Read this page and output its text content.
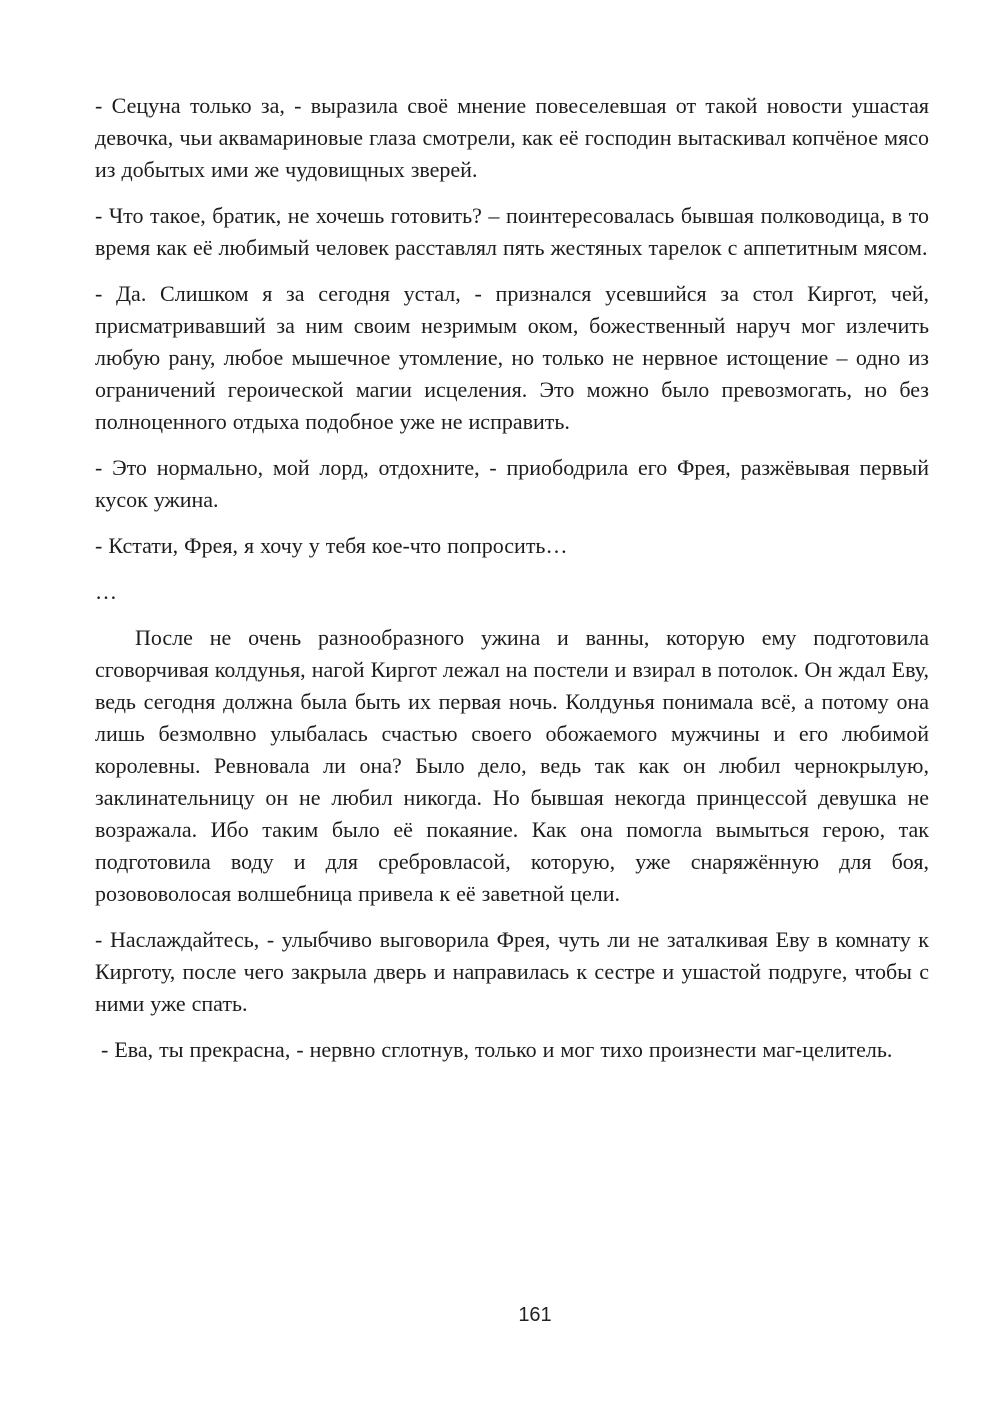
- Сецуна только за, - выразила своё мнение повеселевшая от такой новости ушастая девочка, чьи аквамариновые глаза смотрели, как её господин вытаскивал копчёное мясо из добытых ими же чудовищных зверей.

- Что такое, братик, не хочешь готовить? – поинтересовалась бывшая полководица, в то время как её любимый человек расставлял пять жестяных тарелок с аппетитным мясом.

- Да. Слишком я за сегодня устал, - признался усевшийся за стол Киргот, чей, присматривавший за ним своим незримым оком, божественный наруч мог излечить любую рану, любое мышечное утомление, но только не нервное истощение – одно из ограничений героической магии исцеления. Это можно было превозмогать, но без полноценного отдыха подобное уже не исправить.

- Это нормально, мой лорд, отдохните, - приободрила его Фрея, разжёвывая первый кусок ужина.

- Кстати, Фрея, я хочу у тебя кое-что попросить…

…

После не очень разнообразного ужина и ванны, которую ему подготовила сговорчивая колдунья, нагой Киргот лежал на постели и взирал в потолок. Он ждал Еву, ведь сегодня должна была быть их первая ночь. Колдунья понимала всё, а потому она лишь безмолвно улыбалась счастью своего обожаемого мужчины и его любимой королевны. Ревновала ли она? Было дело, ведь так как он любил чернокрылую, заклинательницу он не любил никогда. Но бывшая некогда принцессой девушка не возражала. Ибо таким было её покаяние. Как она помогла вымыться герою, так подготовила воду и для сребровласой, которую, уже снаряжённую для боя, розововолосая волшебница привела к её заветной цели.

- Наслаждайтесь, - улыбчиво выговорила Фрея, чуть ли не заталкивая Еву в комнату к Кирготу, после чего закрыла дверь и направилась к сестре и ушастой подруге, чтобы с ними уже спать.

- Ева, ты прекрасна, - нервно сглотнув, только и мог тихо произнести маг-целитель.

161
